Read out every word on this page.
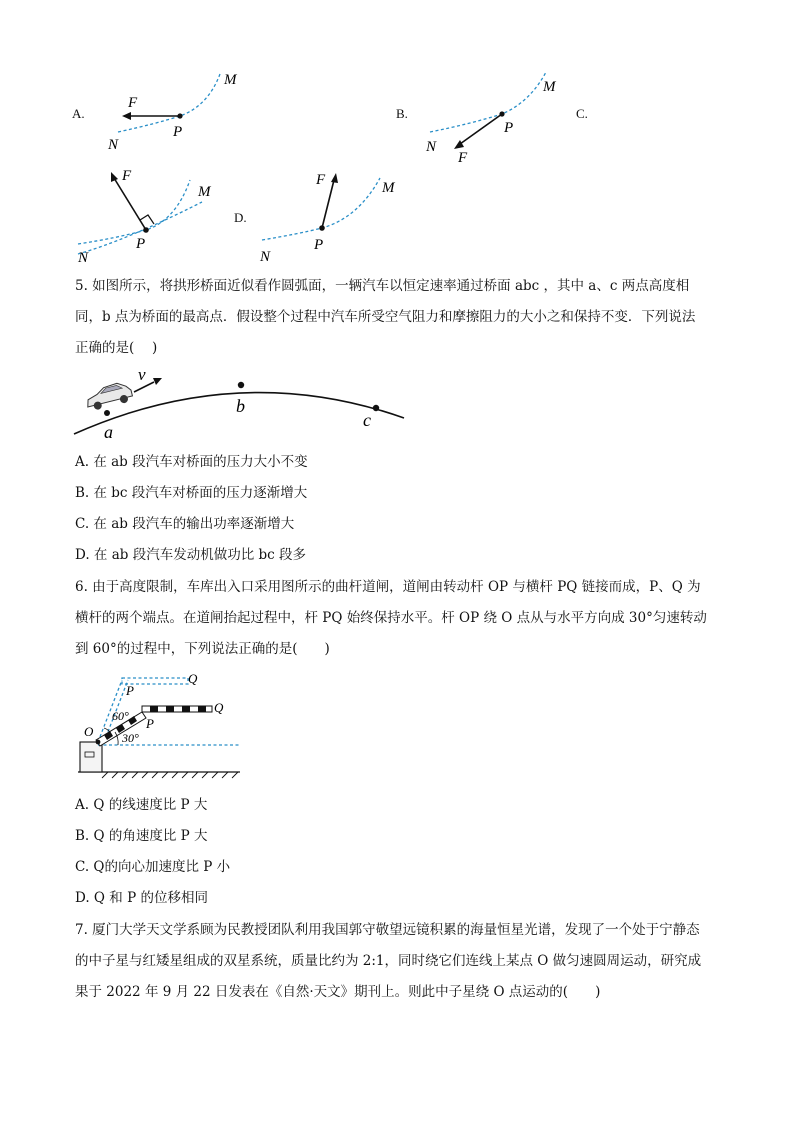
A.
F
M
N
P
B.
F
M
N
P
C.
F
M
N
P
D.
F	M
N
P
5. 如图所示，将拱形桥面近似看作圆弧面，一辆汽车以恒定速率通过桥面 abc ，其中 a、c 两点高度相
同，b 点为桥面的最高点．假设整个过程中汽车所受空气阻力和摩擦阻力的大小之和保持不变．下列说法
正确的是(　 )
v
a
b
c
A. 在 ab 段汽车对桥面的压力大小不变
B. 在 bc 段汽车对桥面的压力逐渐增大
C. 在 ab 段汽车的输出功率逐渐增大
D. 在 ab 段汽车发动机做功比 bc 段多
6. 由于高度限制，车库出入口采用图所示的曲杆道闸，道闸由转动杆 OP 与横杆 PQ 链接而成，P、Q 为
横杆的两个端点。在道闸抬起过程中，杆 PQ 始终保持水平。杆 OP 绕 O 点从与水平方向成 30°匀速转动
到 60°的过程中，下列说法正确的是(　　)
Q
P
60°
Q
P
O 30°
A. Q 的线速度比 P 大
B. Q 的角速度比 P 大
C. Q的向心加速度比 P 小
D. Q 和 P 的位移相同
7. 厦门大学天文学系顾为民教授团队利用我国郭守敬望远镜积累的海量恒星光谱，发现了一个处于宁静态
的中子星与红矮星组成的双星系统，质量比约为 2:1，同时绕它们连线上某点 O 做匀速圆周运动，研究成
果于 2022 年 9 月 22 日发表在《自然·天文》期刊上。则此中子星绕 O 点运动的(　　)
